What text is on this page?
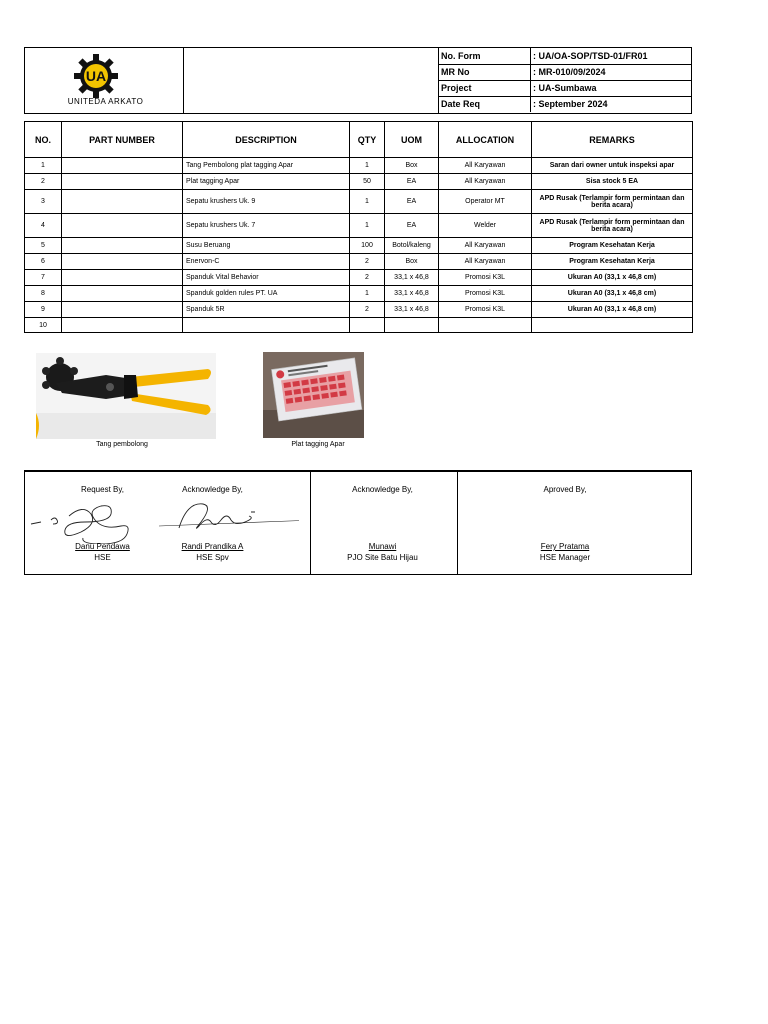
UA
UNITEDA ARKATO
No. Form	: UA/OA-SOP/TSD-01/FR01
MR No	: MR-010/09/2024
Project	: UA-Sumbawa
Date Req	: September 2024
NO.	PART NUMBER	DESCRIPTION	QTY	UOM	ALLOCATION	REMARKS
1		Tang Pembolong plat tagging Apar	1	Box	All Karyawan	Saran dari owner untuk inspeksi apar
2		Plat tagging Apar	50	EA	All Karyawan	Sisa stock 5 EA
3		Sepatu krushers Uk. 9	1	EA	Operator MT	APD Rusak (Terlampir form permintaan dan berita acara)
4		Sepatu krushers Uk. 7	1	EA	Welder	APD Rusak (Terlampir form permintaan dan berita acara)
5		Susu Beruang	100	Botol/kaleng	All Karyawan	Program Kesehatan Kerja
6		Enervon-C	2	Box	All Karyawan	Program Kesehatan Kerja
7		Spanduk Vital Behavior	2	33,1 x 46,8	Promosi K3L	Ukuran A0 (33,1 x 46,8 cm)
8		Spanduk golden rules PT. UA	1	33,1 x 46,8	Promosi K3L	Ukuran A0 (33,1 x 46,8 cm)
9		Spanduk 5R	2	33,1 x 46,8	Promosi K3L	Ukuran A0 (33,1 x 46,8 cm)
10						
Tang pembolong	Plat tagging Apar
Request By,	Acknowledge By,	Acknowledge By,	Aproved By,
Danu Pendawa
HSE
Randi Prandika A
HSE Spv
Munawi
PJO Site Batu Hijau
Fery Pratama
HSE Manager
